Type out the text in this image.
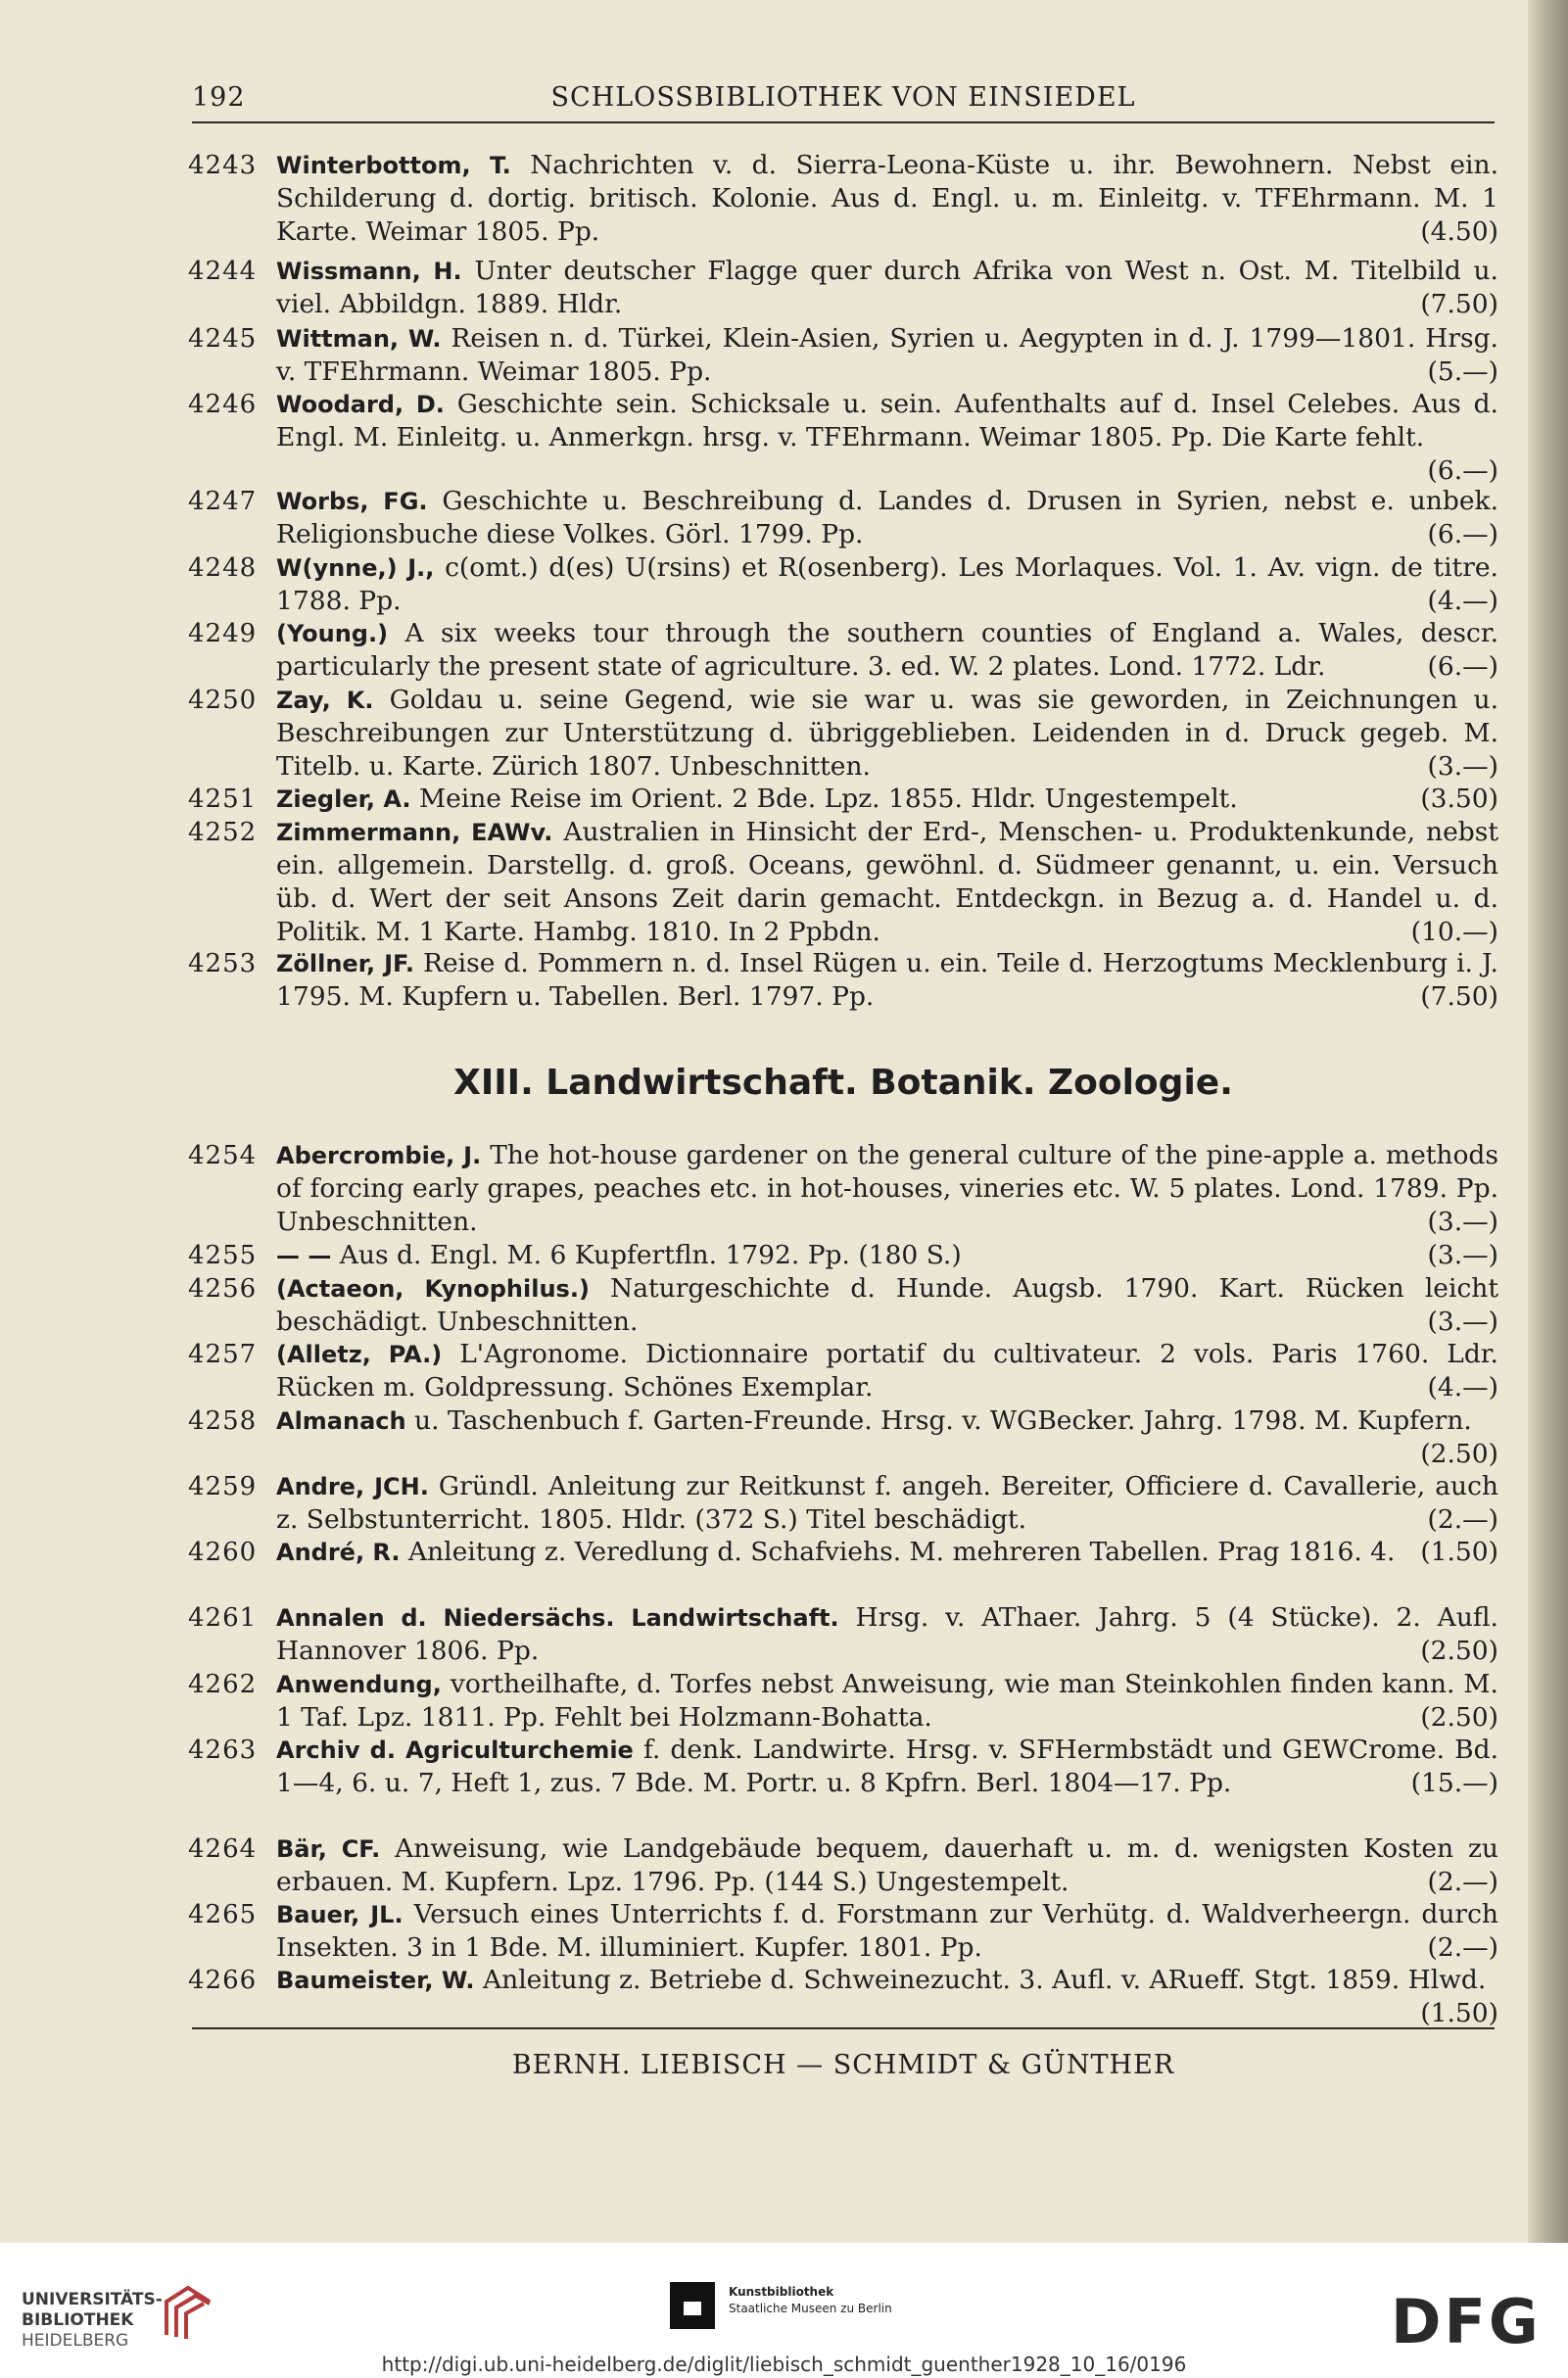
192	SCHLOSSBIBLIOTHEK VON EINSIEDEL
4243 Winterbottom, T. Nachrichten v. d. Sierra-Leona-Küste u. ihr. Bewohnern. Nebst ein. Schilderung d. dortig. britisch. Kolonie. Aus d. Engl. u. m. Einleitg. v. TFEhrmann. M. 1 Karte. Weimar 1805. Pp.	(4.50)
4244 Wissmann, H. Unter deutscher Flagge quer durch Afrika von West n. Ost. M. Titelbild u. viel. Abbildgn. 1889. Hldr.	(7.50)
4245 Wittman, W. Reisen n. d. Türkei, Klein-Asien, Syrien u. Aegypten in d. J. 1799—1801. Hrsg. v. TFEhrmann. Weimar 1805. Pp.	(5.—)
4246 Woodard, D. Geschichte sein. Schicksale u. sein. Aufenthalts auf d. Insel Celebes. Aus d. Engl. M. Einleitg. u. Anmerkgn. hrsg. v. TFEhrmann. Weimar 1805. Pp. Die Karte fehlt.
(6.—)
4247 Worbs, FG. Geschichte u. Beschreibung d. Landes d. Drusen in Syrien, nebst e. unbek. Religionsbuche diese Volkes. Görl. 1799. Pp.	(6.—)
4248 W(ynne,) J., c(omt.) d(es) U(rsins) et R(osenberg). Les Morlaques. Vol. 1. Av. vign. de titre. 1788. Pp.	(4.—)
4249 (Young.) A six weeks tour through the southern counties of England a. Wales, descr. particularly the present state of agriculture. 3. ed. W. 2 plates. Lond. 1772. Ldr.	(6.—)
4250 Zay, K. Goldau u. seine Gegend, wie sie war u. was sie geworden, in Zeichnungen u. Beschreibungen zur Unterstützung d. übriggeblieben. Leidenden in d. Druck gegeb. M. Titelb. u. Karte. Zürich 1807. Unbeschnitten.	(3.—)
4251 Ziegler, A. Meine Reise im Orient. 2 Bde. Lpz. 1855. Hldr. Ungestempelt.	(3.50)
4252 Zimmermann, EAWv. Australien in Hinsicht der Erd-, Menschen- u. Produktenkunde, nebst ein. allgemein. Darstellg. d. groß. Oceans, gewöhnl. d. Südmeer genannt, u. ein. Versuch üb. d. Wert der seit Ansons Zeit darin gemacht. Entdeckgn. in Bezug a. d. Handel u. d. Politik. M. 1 Karte. Hambg. 1810. In 2 Ppbdn.	(10.—)
4253 Zöllner, JF. Reise d. Pommern n. d. Insel Rügen u. ein. Teile d. Herzogtums Mecklenburg i. J. 1795. M. Kupfern u. Tabellen. Berl. 1797. Pp.	(7.50)
XIII. Landwirtschaft. Botanik. Zoologie.
4254 Abercrombie, J. The hot-house gardener on the general culture of the pine-apple a. methods of forcing early grapes, peaches etc. in hot-houses, vineries etc. W. 5 plates. Lond. 1789. Pp. Unbeschnitten.	(3.—)
4255 — — Aus d. Engl. M. 6 Kupfertfln. 1792. Pp. (180 S.)	(3.—)
4256 (Actaeon, Kynophilus.) Naturgeschichte d. Hunde. Augsb. 1790. Kart. Rücken leicht beschädigt. Unbeschnitten.	(3.—)
4257 (Alletz, PA.) L'Agronome. Dictionnaire portatif du cultivateur. 2 vols. Paris 1760. Ldr. Rücken m. Goldpressung. Schönes Exemplar.	(4.—)
4258 Almanach u. Taschenbuch f. Garten-Freunde. Hrsg. v. WGBecker. Jahrg. 1798. M. Kupfern.
(2.50)
4259 Andre, JCH. Gründl. Anleitung zur Reitkunst f. angeh. Bereiter, Officiere d. Cavallerie, auch z. Selbstunterricht. 1805. Hldr. (372 S.) Titel beschädigt.	(2.—)
4260 André, R. Anleitung z. Veredlung d. Schafviehs. M. mehreren Tabellen. Prag 1816. 4. (1.50)
4261 Annalen d. Niedersächs. Landwirtschaft. Hrsg. v. AThaer. Jahrg. 5 (4 Stücke). 2. Aufl. Hannover 1806. Pp.	(2.50)
4262 Anwendung, vortheilhafte, d. Torfes nebst Anweisung, wie man Steinkohlen finden kann. M. 1 Taf. Lpz. 1811. Pp. Fehlt bei Holzmann-Bohatta.	(2.50)
4263 Archiv d. Agriculturchemie f. denk. Landwirte. Hrsg. v. SFHermbstädt und GEWCrome. Bd. 1—4, 6. u. 7, Heft 1, zus. 7 Bde. M. Portr. u. 8 Kpfrn. Berl. 1804—17. Pp.	(15.—)
4264 Bär, CF. Anweisung, wie Landgebäude bequem, dauerhaft u. m. d. wenigsten Kosten zu erbauen. M. Kupfern. Lpz. 1796. Pp. (144 S.) Ungestempelt.	(2.—)
4265 Bauer, JL. Versuch eines Unterrichts f. d. Forstmann zur Verhütg. d. Waldverheergn. durch Insekten. 3 in 1 Bde. M. illuminiert. Kupfer. 1801. Pp.	(2.—)
4266 Baumeister, W. Anleitung z. Betriebe d. Schweinezucht. 3. Aufl. v. ARueff. Stgt. 1859. Hlwd.
(1.50)
BERNH. LIEBISCH — SCHMIDT & GÜNTHER
UNIVERSITÄTS-
BIBLIOTHEK
HEIDELBERG
Kunstbibliothek
Staatliche Museen zu Berlin	DFG
http://digi.ub.uni-heidelberg.de/diglit/liebisch_schmidt_guenther1928_10_16/0196
